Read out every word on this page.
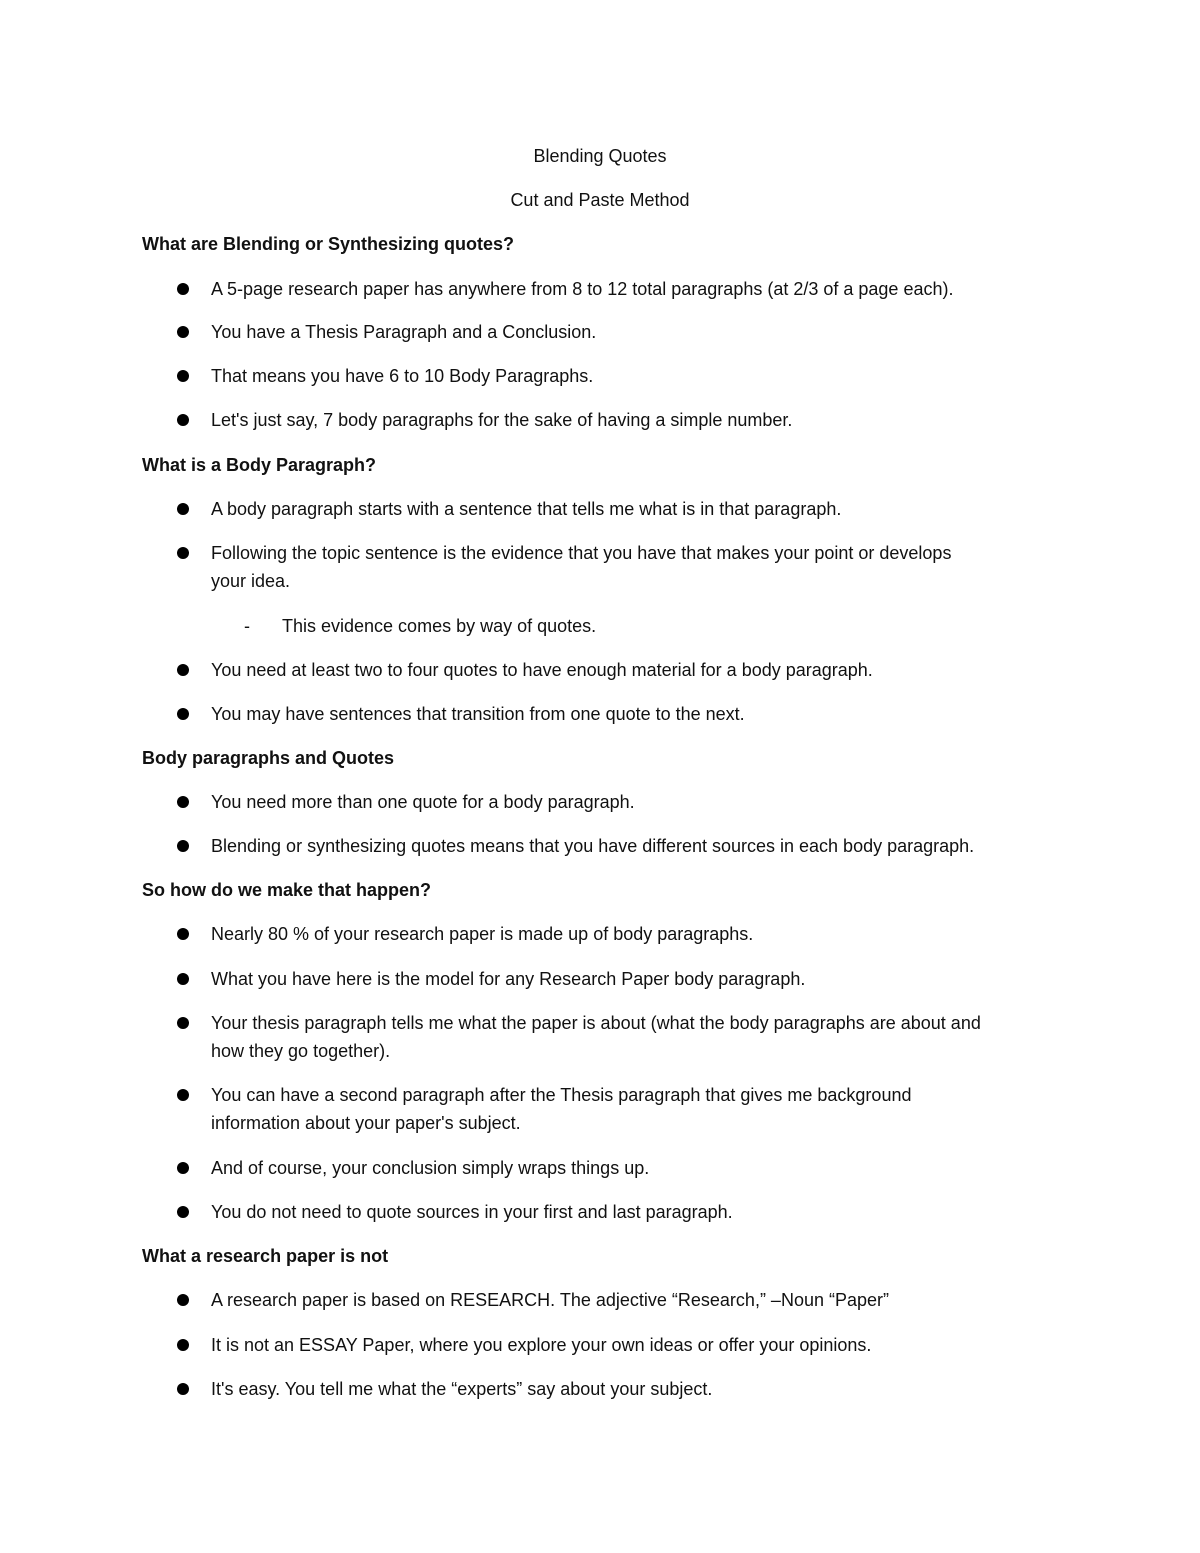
Blending Quotes
Cut and Paste Method
What are Blending or Synthesizing quotes?
A 5-page research paper has anywhere from 8 to 12 total paragraphs (at 2/3 of a page each).
You have a Thesis Paragraph and a Conclusion.
That means you have 6 to 10 Body Paragraphs.
Let's just say, 7 body paragraphs for the sake of having a simple number.
What is a Body Paragraph?
A body paragraph starts with a sentence that tells me what is in that paragraph.
Following the topic sentence is the evidence that you have that makes your point or develops
your idea.
- This evidence comes by way of quotes.
You need at least two to four quotes to have enough material for a body paragraph.
You may have sentences that transition from one quote to the next.
Body paragraphs and Quotes
You need more than one quote for a body paragraph.
Blending or synthesizing quotes means that you have different sources in each body paragraph.
So how do we make that happen?
Nearly 80 % of your research paper is made up of body paragraphs.
What you have here is the model for any Research Paper body paragraph.
Your thesis paragraph tells me what the paper is about (what the body paragraphs are about and
how they go together).
You can have a second paragraph after the Thesis paragraph that gives me background
information about your paper's subject.
And of course, your conclusion simply wraps things up.
You do not need to quote sources in your first and last paragraph.
What a research paper is not
A research paper is based on RESEARCH. The adjective “Research,” –Noun “Paper”
It is not an ESSAY Paper, where you explore your own ideas or offer your opinions.
It's easy. You tell me what the “experts” say about your subject.
